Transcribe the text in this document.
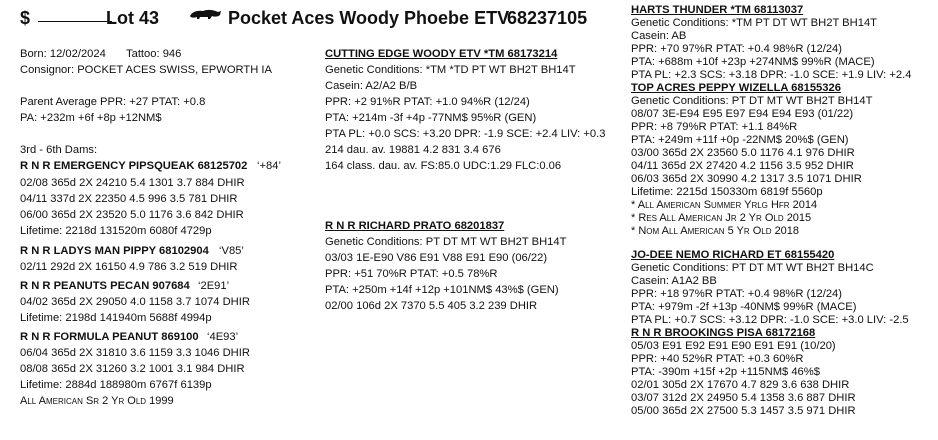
$	Lot 43	Pocket Aces Woody Phoebe ETV
68237105
Born: 12/02/2024 Tattoo: 946
Consignor: POCKET ACES SWISS, EPWORTH IA
Parent Average PPR: +27 PTAT: +0.8
PA: +232m +6f +8p +12NM$
3rd - 6th Dams:
R N R EMERGENCY PIPSQUEAK 68125702 ‘+84’
02/08 365d 2X 24210 5.4 1301 3.7 884 DHIR
04/11 337d 2X 22350 4.5 996 3.5 781 DHIR
06/00 365d 2X 23520 5.0 1176 3.6 842 DHIR
Lifetime: 2218d 131520m 6080f 4729p
R N R LADYS MAN PIPPY 68102904 ‘V85’
02/11 292d 2X 16150 4.9 786 3.2 519 DHIR
R N R PEANUTS PECAN 907684 ‘2E91’
04/02 365d 2X 29050 4.0 1158 3.7 1074 DHIR
Lifetime: 2198d 141940m 5688f 4994p
R N R FORMULA PEANUT 869100 ‘4E93’
06/04 365d 2X 31810 3.6 1159 3.3 1046 DHIR
08/08 365d 2X 31260 3.2 1001 3.1 984 DHIR
Lifetime: 2884d 188980m 6767f 6139p
All American Sr 2 Yr Old 1999
CUTTING EDGE WOODY ETV *TM 68173214
Genetic Conditions: *TM *TD PT WT BH2T BH14T
Casein: A2/A2 B/B
PPR: +2 91%R PTAT: +1.0 94%R (12/24)
PTA: +214m -3f +4p -77NM$ 95%R (GEN)
PTA PL: +0.0 SCS: +3.20 DPR: -1.9 SCE: +2.4 LIV: +0.3
214 dau. av. 19881 4.2 831 3.4 676
164 class. dau. av. FS:85.0 UDC:1.29 FLC:0.06
R N R RICHARD PRATO 68201837
Genetic Conditions: PT DT MT WT BH2T BH14T
03/03 1E-E90 V86 E91 V88 E91 E90 (06/22)
PPR: +51 70%R PTAT: +0.5 78%R
PTA: +250m +14f +12p +101NM$ 43%$ (GEN)
02/00 106d 2X 7370 5.5 405 3.2 239 DHIR
HARTS THUNDER *TM 68113037
Genetic Conditions: *TM PT DT WT BH2T BH14T
Casein: AB
PPR: +70 97%R PTAT: +0.4 98%R (12/24)
PTA: +688m +10f +23p +274NM$ 99%R (MACE)
PTA PL: +2.3 SCS: +3.18 DPR: -1.0 SCE: +1.9 LIV: +2.4
TOP ACRES PEPPY WIZELLA 68155326
Genetic Conditions: PT DT MT WT BH2T BH14T
08/07 3E-E94 E95 E97 E94 E94 E93 (01/22)
PPR: +8 79%R PTAT: +1.1 84%R
PTA: +249m +11f +0p -22NM$ 20%$ (GEN)
03/00 365d 2X 23560 5.0 1176 4.1 976 DHIR
04/11 365d 2X 27420 4.2 1156 3.5 952 DHIR
06/03 365d 2X 30990 4.2 1317 3.5 1071 DHIR
Lifetime: 2215d 150330m 6819f 5560p
* All American Summer Yrlg Hfr 2014
* Res All American Jr 2 Yr Old 2015
* Nom All American 5 Yr Old 2018
JO-DEE NEMO RICHARD ET 68155420
Genetic Conditions: PT DT MT WT BH2T BH14C
Casein: A1A2 BB
PPR: +18 97%R PTAT: +0.4 98%R (12/24)
PTA: +979m -2f +13p -40NM$ 99%R (MACE)
PTA PL: +0.7 SCS: +3.12 DPR: -1.0 SCE: +3.0 LIV: -2.5
R N R BROOKINGS PISA 68172168
05/03 E91 E92 E91 E90 E91 E91 (10/20)
PPR: +40 52%R PTAT: +0.3 60%R
PTA: -390m +15f +2p +115NM$ 46%$
02/01 305d 2X 17670 4.7 829 3.6 638 DHIR
03/07 312d 2X 24950 5.4 1358 3.6 887 DHIR
05/00 365d 2X 27500 5.3 1457 3.5 971 DHIR
